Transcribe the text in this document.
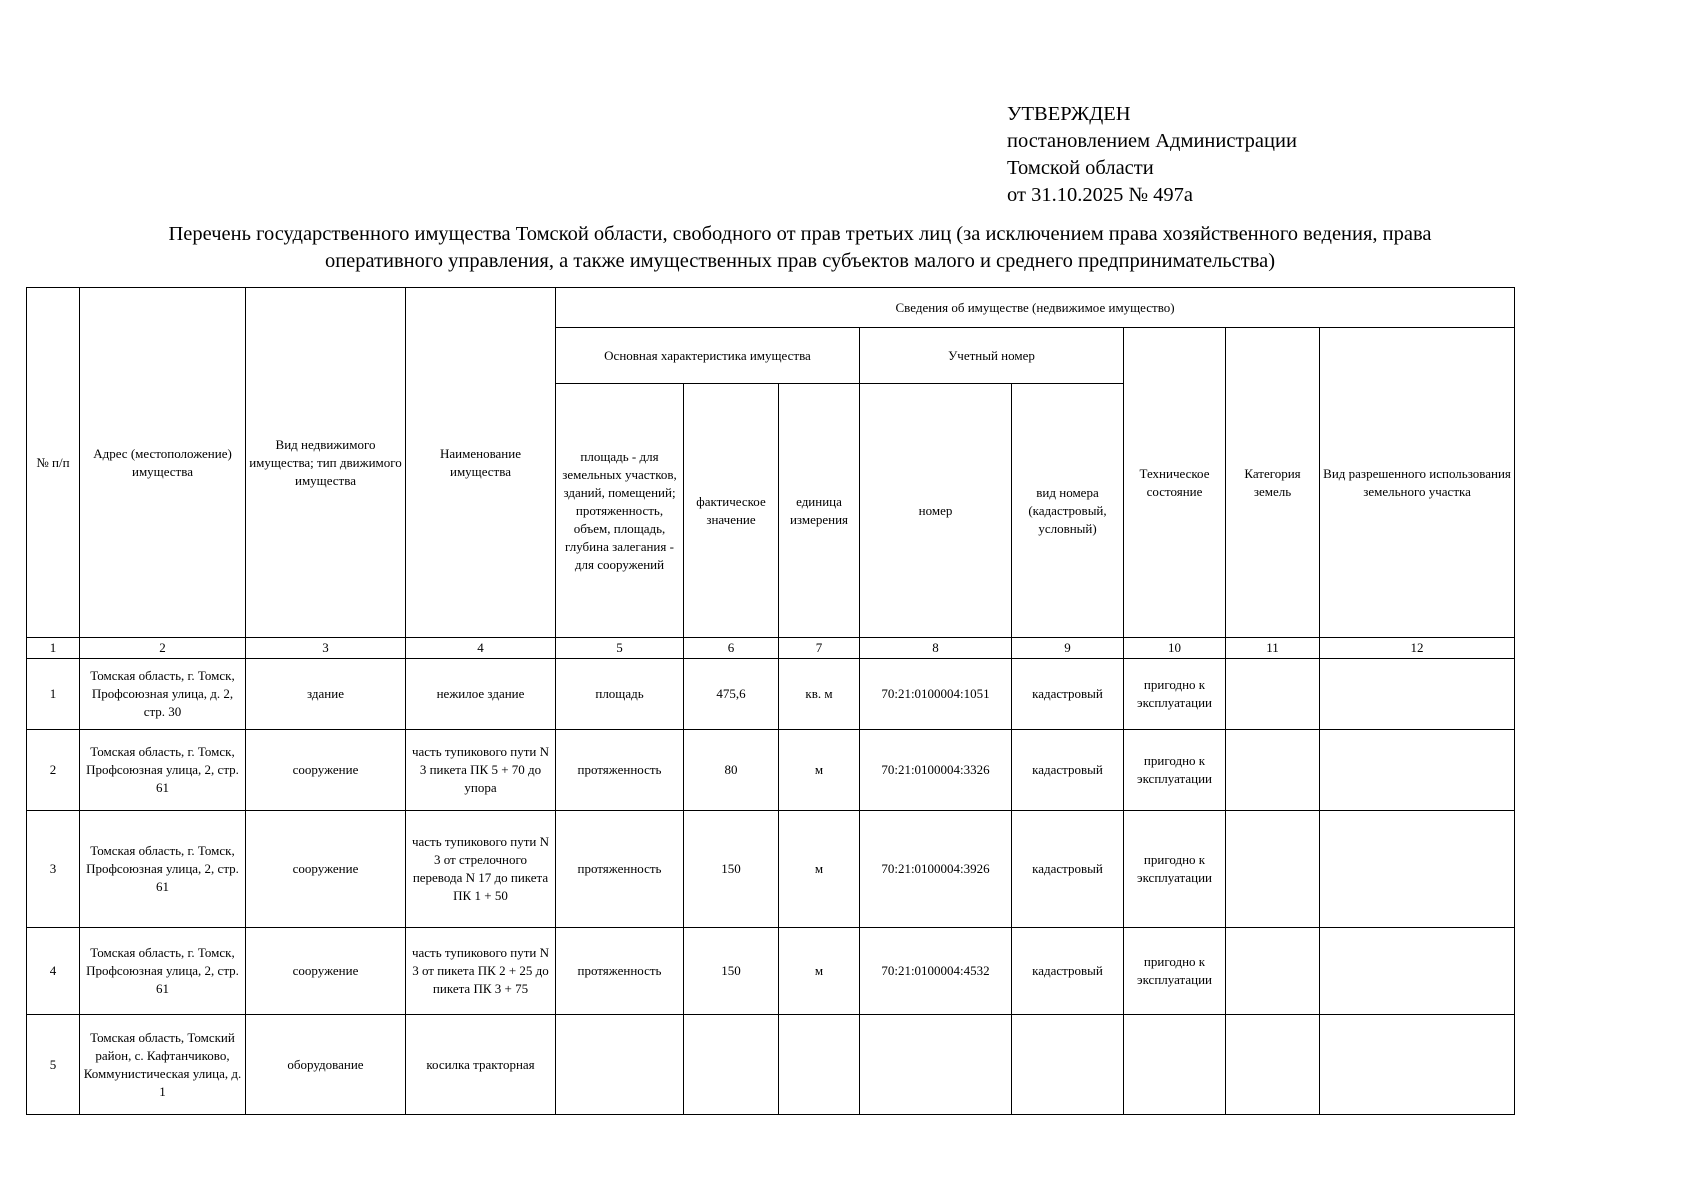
УТВЕРЖДЕН
постановлением Администрации
Томской области
от 31.10.2025 № 497а
Перечень государственного имущества Томской области, свободного от прав третьих лиц (за исключением права хозяйственного ведения, права
оперативного управления, а также имущественных прав субъектов малого и среднего предпринимательства)
№ п/п	Адрес (местоположение) имущества	Вид недвижимого имущества; тип движимого имущества	Наименование имущества	Сведения об имуществе (недвижимое имущество)							
				Основная характеристика имущества			Учетный номер		Техническое состояние	Категория земель	Вид разрешенного использования земельного участка
				площадь - для земельных участков, зданий, помещений; протяженность, объем, площадь, глубина залегания - для сооружений	фактическое значение	единица измерения	номер	вид номера (кадастровый, условный)			
1	2	3	4	5	6	7	8	9	10	11	12
1	Томская область, г. Томск, Профсоюзная улица, д. 2, стр. 30	здание	нежилое здание	площадь	475,6	кв. м	70:21:0100004:1051	кадастровый	пригодно к эксплуатации		
2	Томская область, г. Томск, Профсоюзная улица, 2, стр. 61	сооружение	часть тупикового пути N 3 пикета ПК 5 + 70 до упора	протяженность	80	м	70:21:0100004:3326	кадастровый	пригодно к эксплуатации		
3	Томская область, г. Томск, Профсоюзная улица, 2, стр. 61	сооружение	часть тупикового пути N 3 от стрелочного перевода N 17 до пикета ПК 1 + 50	протяженность	150	м	70:21:0100004:3926	кадастровый	пригодно к эксплуатации		
4	Томская область, г. Томск, Профсоюзная улица, 2, стр. 61	сооружение	часть тупикового пути N 3 от пикета ПК 2 + 25 до пикета ПК 3 + 75	протяженность	150	м	70:21:0100004:4532	кадастровый	пригодно к эксплуатации		
5	Томская область, Томский район, с. Кафтанчиково, Коммунистическая улица, д. 1	оборудование	косилка тракторная								
